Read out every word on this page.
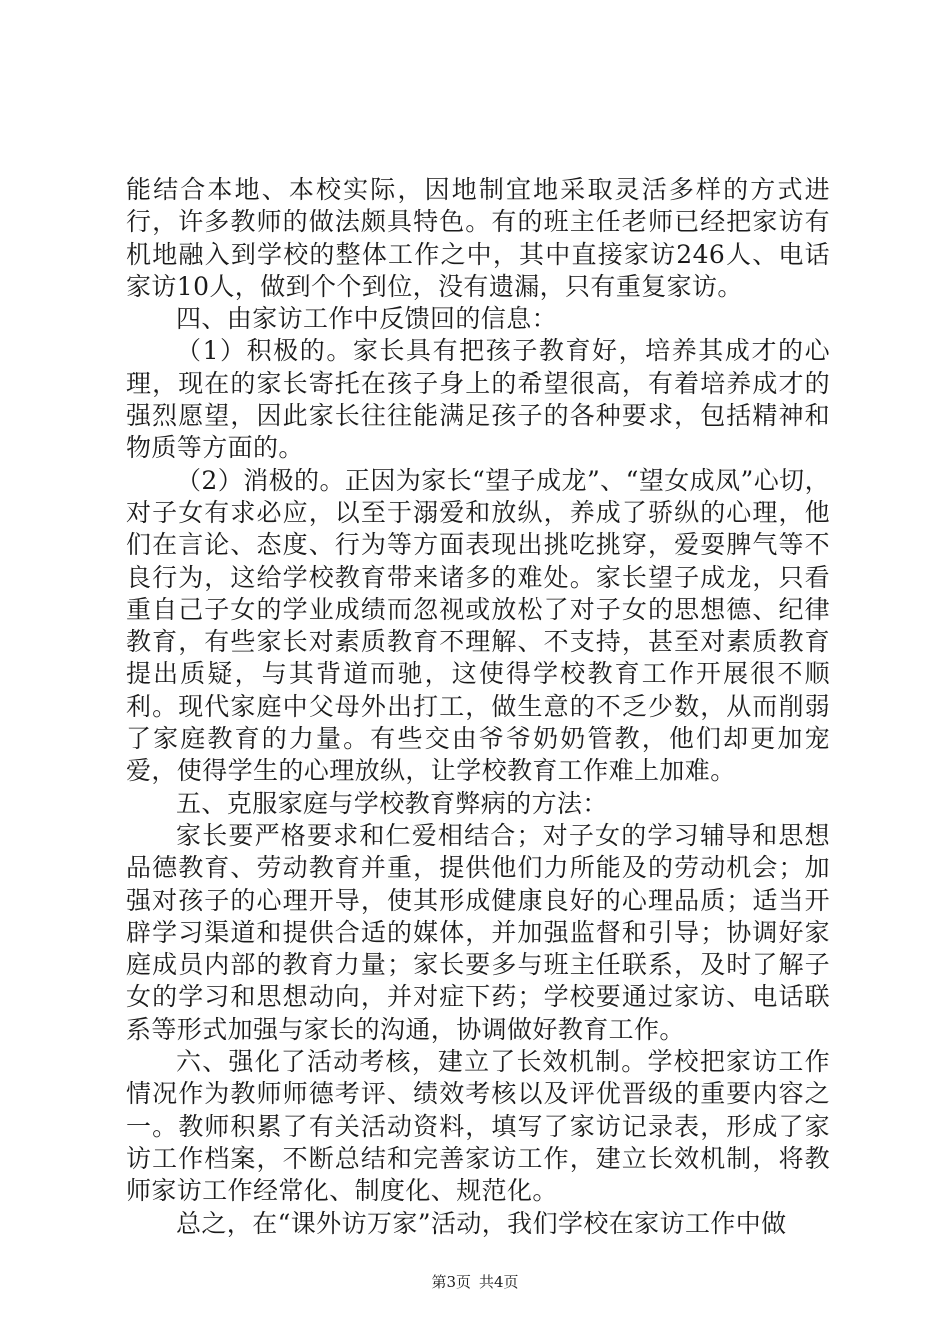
能结合本地、本校实际，因地制宜地采取灵活多样的方式进行，许多教师的做法颇具特色。有的班主任老师已经把家访有机地融入到学校的整体工作之中，其中直接家访246人、电话家访10人，做到个个到位，没有遗漏，只有重复家访。

四、由家访工作中反馈回的信息：

（1）积极的。家长具有把孩子教育好，培养其成才的心理，现在的家长寄托在孩子身上的希望很高，有着培养成才的强烈愿望，因此家长往往能满足孩子的各种要求，包括精神和物质等方面的。

（2）消极的。正因为家长“望子成龙”、“望女成凤”心切，对子女有求必应，以至于溺爱和放纵，养成了骄纵的心理，他们在言论、态度、行为等方面表现出挑吃挑穿，爱耍脾气等不良行为，这给学校教育带来诸多的难处。家长望子成龙，只看重自己子女的学业成绩而忽视或放松了对子女的思想德、纪律教育，有些家长对素质教育不理解、不支持，甚至对素质教育提出质疑，与其背道而驰，这使得学校教育工作开展很不顺利。现代家庭中父母外出打工，做生意的不乏少数，从而削弱了家庭教育的力量。有些交由爷爷奶奶管教，他们却更加宠爱，使得学生的心理放纵，让学校教育工作难上加难。

五、克服家庭与学校教育弊病的方法：

家长要严格要求和仁爱相结合；对子女的学习辅导和思想品德教育、劳动教育并重，提供他们力所能及的劳动机会；加强对孩子的心理开导，使其形成健康良好的心理品质；适当开辟学习渠道和提供合适的媒体，并加强监督和引导；协调好家庭成员内部的教育力量；家长要多与班主任联系，及时了解子女的学习和思想动向，并对症下药；学校要通过家访、电话联系等形式加强与家长的沟通，协调做好教育工作。

六、强化了活动考核，建立了长效机制。学校把家访工作情况作为教师师德考评、绩效考核以及评优晋级的重要内容之一。教师积累了有关活动资料，填写了家访记录表，形成了家访工作档案，不断总结和完善家访工作，建立长效机制，将教师家访工作经常化、制度化、规范化。

总之，在“课外访万家”活动，我们学校在家访工作中做

第3页 共4页
